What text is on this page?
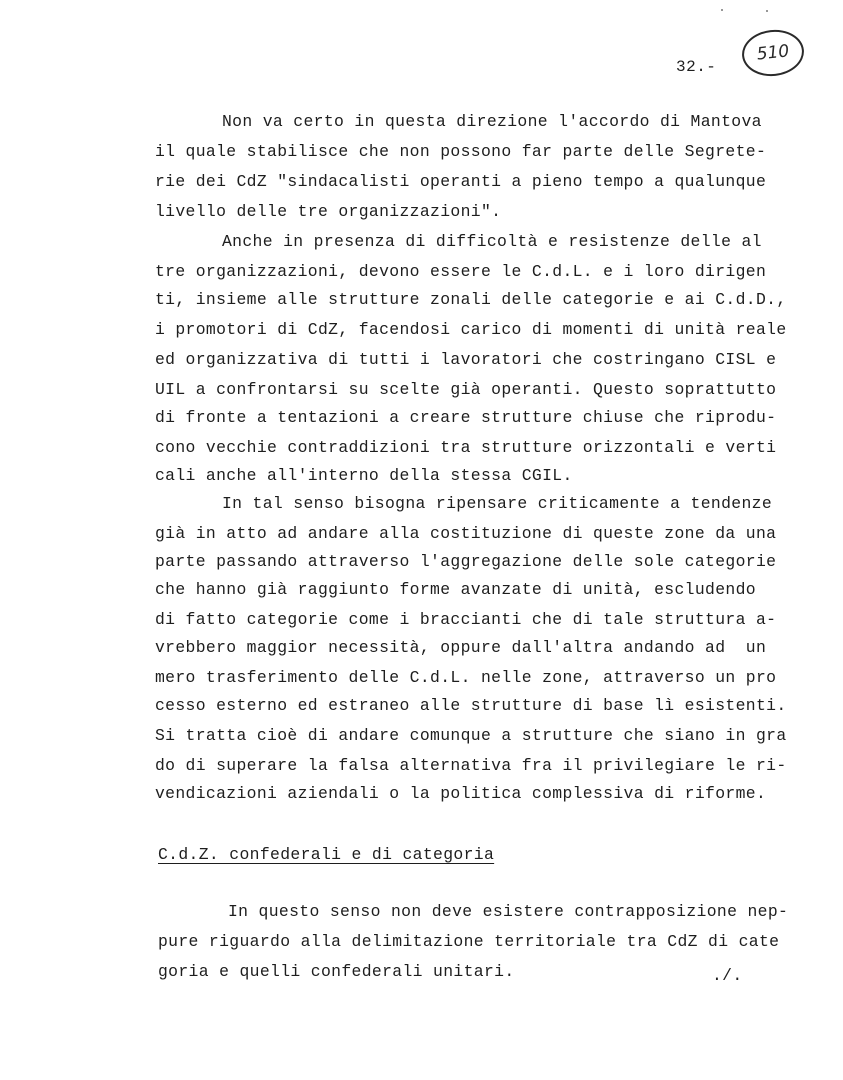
32.-
510
Non va certo in questa direzione l'accordo di Mantova
il quale stabilisce che non possono far parte delle Segrete-
rie dei CdZ "sindacalisti operanti a pieno tempo a qualunque
livello delle tre organizzazioni".
Anche in presenza di difficoltà e resistenze delle al
tre organizzazioni, devono essere le C.d.L. e i loro dirigen
ti, insieme alle strutture zonali delle categorie e ai C.d.D.,
i promotori di CdZ, facendosi carico di momenti di unità reale
ed organizzativa di tutti i lavoratori che costringano CISL e
UIL a confrontarsi su scelte già operanti. Questo soprattutto
di fronte a tentazioni a creare strutture chiuse che riprodu-
cono vecchie contraddizioni tra strutture orizzontali e verti
cali anche all'interno della stessa CGIL.
In tal senso bisogna ripensare criticamente a tendenze
già in atto ad andare alla costituzione di queste zone da una
parte passando attraverso l'aggregazione delle sole categorie
che hanno già raggiunto forme avanzate di unità, escludendo
di fatto categorie come i braccianti che di tale struttura a-
vrebbero maggior necessità, oppure dall'altra andando ad  un
mero trasferimento delle C.d.L. nelle zone, attraverso un pro
cesso esterno ed estraneo alle strutture di base lì esistenti.
Si tratta cioè di andare comunque a strutture che siano in gra
do di superare la falsa alternativa fra il privilegiare le ri-
vendicazioni aziendali o la politica complessiva di riforme.
C.d.Z. confederali e di categoria
In questo senso non deve esistere contrapposizione nep-
pure riguardo alla delimitazione territoriale tra CdZ di cate
goria e quelli confederali unitari.	./.
